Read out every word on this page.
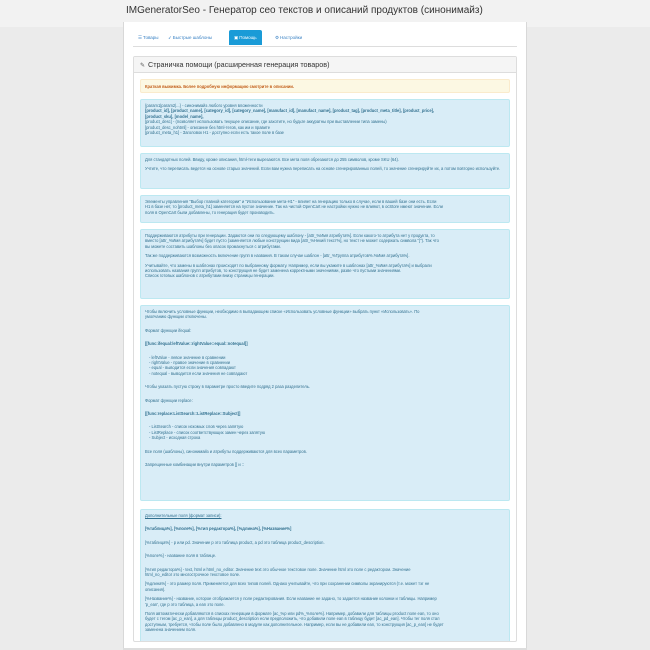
IMGeneratorSeo - Генератор сео текстов и описаний продуктов (синонимайз)
☰Товары	➶Быстрые шаблоны	▣Помощь	⚙Настройки
✎ Страничка помощи (расширенная генерация товаров)
Краткая выжимка. Более подробную информацию смотрите в описании.
{param1|param2|...} - синонимайз любого уровня вложенности
[product_id], [product_name], [category_id], [category_name], [manufact_id], [manufact_name], [product_tag], [product_meta_title], [product_price],
[product_sku], [model_name],
[product_desc] - (позволяет использовать текущее описание, где захотите, но будьте аккуратны при выставлении типа замены)
[product_desc_nohtml] - описание без html-тегов, как им и правите
[product_meta_h1] - Заголовок H1 - доступно если есть такое поле в базе
Для стандартных полей. Ввиду, кроме описания, html-теги вырезаются. Все мета поля обрезаются до 255 символов, кроме SKU (64).
Учтите, что переписать ведется на основе старых значений. Если вам нужна переписать на основе сгенерированных полей, то значение сгенерируйте их, а потом повторно используйте.
Элементы управления "Выбор главной категории" и "Использование мета-H1" - влияет на генерацию только в случае, если в вашей базе они есть. Если
H1 в базе нет, то [product_meta_h1] заменяется на пустое значение. Так на чистой OpenCart не настройки нужно не влияют, в ocStore имеют значение. Если
поля в OpenCart были добавлены, то генерация будет производить.
Поддерживаются атрибуты при генерации. Задаются они по следующему шаблону - [attr_%Имя атрибута%]. Если какого-то атрибута нет у продукта, то
вместо [attr_%Имя атрибута%] будет пусто (заменяется любые конструкции вида [attr_%Некий текст%], но текст не может содержать символа "]"). Так что
вы можете составить шаблоны без опасок промахнуться с атрибутами.
Так же поддерживаются возможность включение групп в названия. В таком случае шаблон - [attr_%Группа атрибутов%.%Имя атрибута%].
Учитывайте, что замены в шаблонах происходят по выбранному формату. Например, если вы укажите в шаблонах [attr_%Имя атрибута%] и выбрали
использовать названия групп атрибутов, то конструкция не будет заменена корректными значениями, разве что пустыми значениями.
Список готовых шаблонов с атрибутами внизу страницы генерации.
Чтобы включить условные функции, необходимо в выпадающем списке «Использовать условные функции» выбрать пункт «Использовать». По
умолчанию функции отключены.
Формат функции ifequal:
[[func:ifequal:leftValue::rightValue::equal::notequal]]
- leftValue - левое значение в сравнении
- rightValue - правое значение в сравнении
- equal - выводится если значения совпадают
- notequal - выводится если значения не совпадают
Чтобы указать пустую строку в параметре просто введите подряд 2 раза разделитель.
Формат функции replace:
[[func:replace:ListSearch::ListReplace::Subject]]
- ListSearch - список искомых слов через запятую
- ListReplace - список соответствующих замен через запятую
- Subject - исходная строка
Все поля (шаблоны), синонимайз и атрибуты поддерживаются для всех параметров.
Запрещенные комбинации внутри параметров [[ и ::
Дополнительные поля (формат записи):
[%таблица%], [%поле%], [%тип редактора%], [%длина%], [%Название%]
[%таблица%] - p или pd. Значение p это таблица product, а pd это таблица product_description.
[%поле%] - название поля в таблице.
[%тип редактора%] - text, html и html_no_editor. Значение text это обычное текстовое поле. Значение html это поле с редактором. Значение
html_no_editor это многострочное текстовое поле.
[%длина%] - это размер поля. Применяется для всех типов полей. Однако учитывайте, что при сохранении символы экранируются (т.е. может тэг не
описания).
[%Название%] - название, которое отображается у поле редактирования. Если название не задано, то задается название колонки и таблицы. Например
'p_ean', где p это таблица, а ean это поле.
Поля автоматически добавляются в списках генерации в формате [ac_%p или pd%_%поле%]. Например, добавили для таблицы product поле ean, то оно
будет с тегом [ac_p_ean], а для таблицы product_description если предположить, что добавили поле ean в таблицу будет [ac_pd_ean]. Чтобы тег поля стал
доступным, требуется, чтобы поле было добавлено в модуле как дополнительное. Например, если вы не добавили ean, то конструкция [ac_p_ean] не будет
заменена значением поля.
